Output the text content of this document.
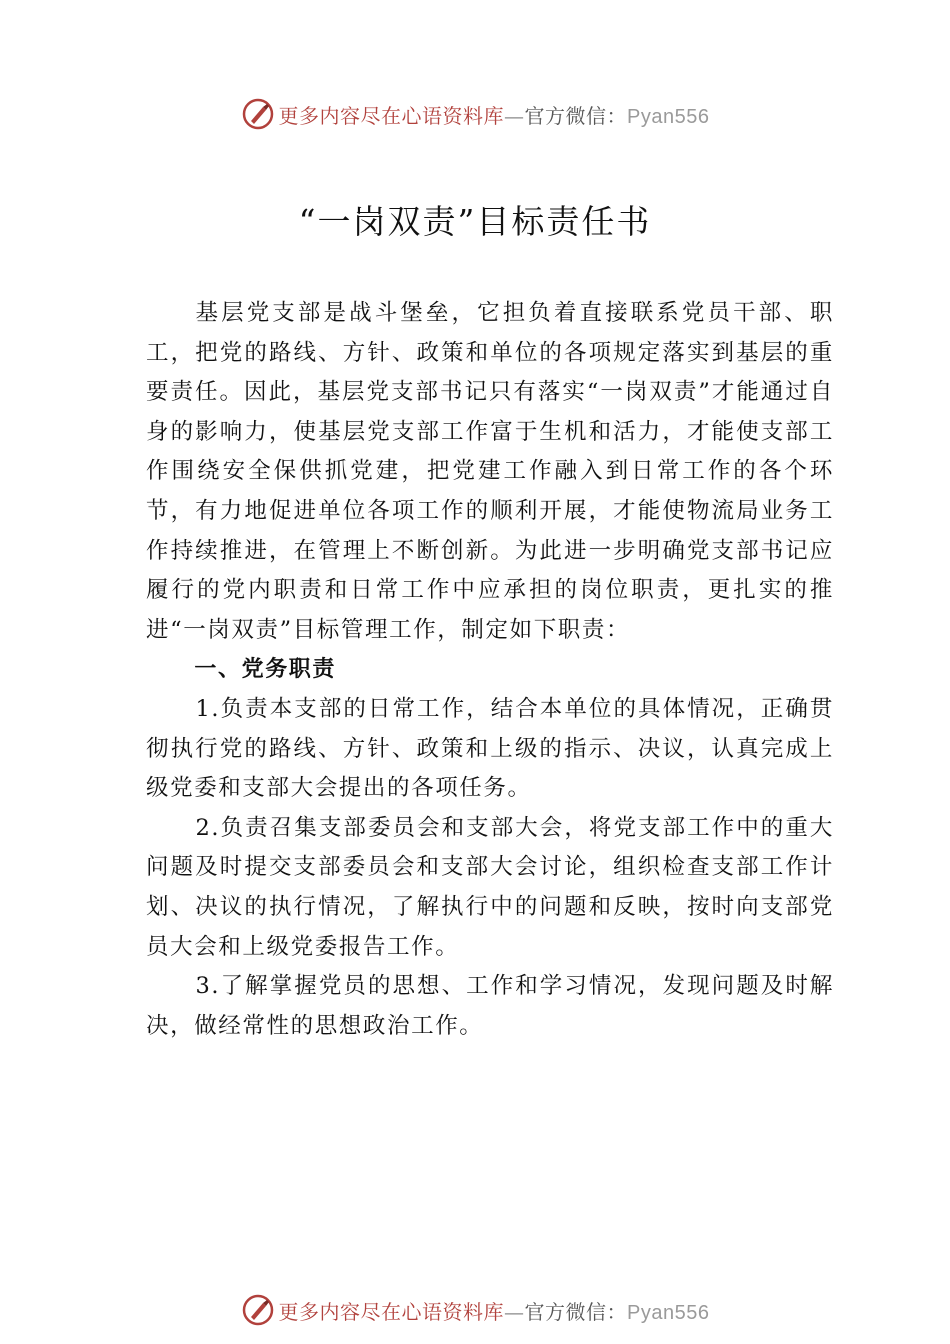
更多内容尽在心语资料库—官方微信：Pyan556
“一岗双责”目标责任书

基层党支部是战斗堡垒，它担负着直接联系党员干部、职工，把党的路线、方针、政策和单位的各项规定落实到基层的重要责任。因此，基层党支部书记只有落实“一岗双责”才能通过自身的影响力，使基层党支部工作富于生机和活力，才能使支部工作围绕安全保供抓党建，把党建工作融入到日常工作的各个环节，有力地促进单位各项工作的顺利开展，才能使物流局业务工作持续推进，在管理上不断创新。为此进一步明确党支部书记应履行的党内职责和日常工作中应承担的岗位职责，更扎实的推进“一岗双责”目标管理工作，制定如下职责：

一、党务职责

1.负责本支部的日常工作，结合本单位的具体情况，正确贯彻执行党的路线、方针、政策和上级的指示、决议，认真完成上级党委和支部大会提出的各项任务。

2.负责召集支部委员会和支部大会，将党支部工作中的重大问题及时提交支部委员会和支部大会讨论，组织检查支部工作计划、决议的执行情况，了解执行中的问题和反映，按时向支部党员大会和上级党委报告工作。

3.了解掌握党员的思想、工作和学习情况，发现问题及时解决，做经常性的思想政治工作。

更多内容尽在心语资料库—官方微信：Pyan556
